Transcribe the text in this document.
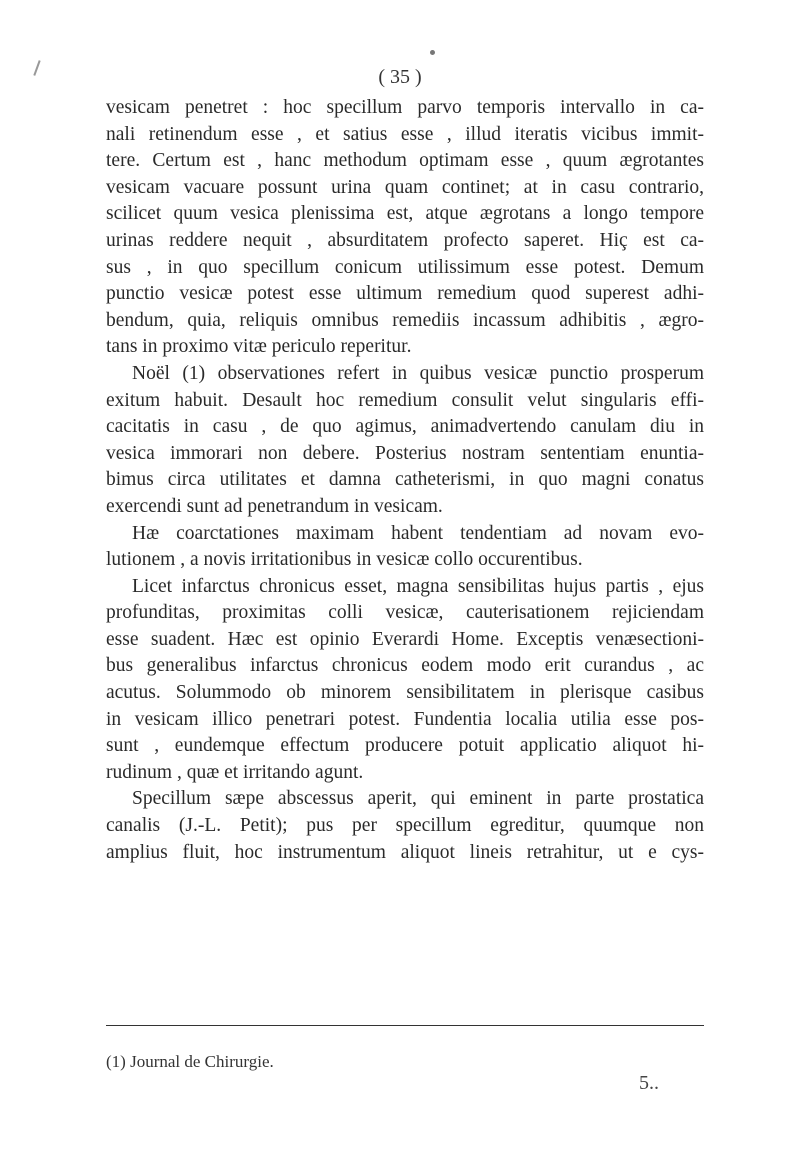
( 35 )
vesicam penetret : hoc specillum parvo temporis intervallo in ca-
nali retinendum esse , et satius esse , illud iteratis vicibus immit-
tere. Certum est , hanc methodum optimam esse , quum ægrotantes
vesicam vacuare possunt urina quam continet; at in casu contrario,
scilicet quum vesica plenissima est, atque ægrotans a longo tempore
urinas reddere nequit , absurditatem profecto saperet. Hiç est ca-
sus , in quo specillum conicum utilissimum esse potest. Demum
punctio vesicæ potest esse ultimum remedium quod superest adhi-
bendum, quia, reliquis omnibus remediis incassum adhibitis , ægro-
tans in proximo vitæ periculo reperitur.
Noël (1) observationes refert in quibus vesicæ punctio prosperum
exitum habuit. Desault hoc remedium consulit velut singularis effi-
cacitatis in casu , de quo agimus, animadvertendo canulam diu in
vesica immorari non debere. Posterius nostram sententiam enuntia-
bimus circa utilitates et damna catheterismi, in quo magni conatus
exercendi sunt ad penetrandum in vesicam.
Hæ coarctationes maximam habent tendentiam ad novam evo-
lutionem , a novis irritationibus in vesicæ collo occurentibus.
Licet infarctus chronicus esset, magna sensibilitas hujus partis , ejus
profunditas, proximitas colli vesicæ, cauterisationem rejiciendam
esse suadent. Hæc est opinio Everardi Home. Exceptis venæsectioni-
bus generalibus infarctus chronicus eodem modo erit curandus , ac
acutus. Solummodo ob minorem sensibilitatem in plerisque casibus
in vesicam illico penetrari potest. Fundentia localia utilia esse pos-
sunt , eundemque effectum producere potuit applicatio aliquot hi-
rudinum , quæ et irritando agunt.
Specillum sæpe abscessus aperit, qui eminent in parte prostatica
canalis (J.-L. Petit); pus per specillum egreditur, quumque non
amplius fluit, hoc instrumentum aliquot lineis retrahitur, ut e cys-
(1) Journal de Chirurgie.
5..
